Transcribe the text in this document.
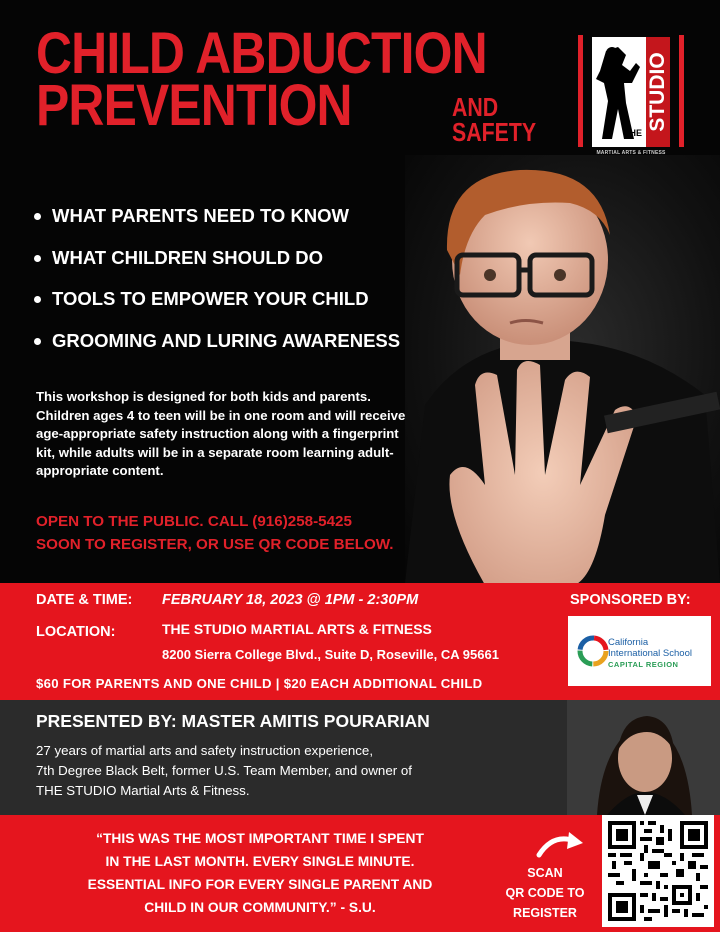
CHILD ABDUCTION
PREVENTION	AND
SAFETY
STUDIO
THE
MARTIAL ARTS & FITNESS
WHAT PARENTS NEED TO KNOW
WHAT CHILDREN SHOULD DO
TOOLS TO EMPOWER YOUR CHILD
GROOMING AND LURING AWARENESS

This workshop is designed for both kids and parents. Children ages 4 to teen will be in one room and will receive age-appropriate safety instruction along with a fingerprint kit, while adults will be in a separate room learning adult-appropriate content.

OPEN TO THE PUBLIC. CALL (916)258-5425
SOON TO REGISTER, OR USE QR CODE BELOW.
DATE & TIME: FEBRUARY 18, 2023 @ 1PM - 2:30PM
LOCATION:	THE STUDIO MARTIAL ARTS & FITNESS
8200 Sierra College Blvd., Suite D, Roseville, CA 95661
$60 FOR PARENTS AND ONE CHILD | $20 EACH ADDITIONAL CHILD
SPONSORED BY:
California
International School
CAPITAL REGION
PRESENTED BY: MASTER AMITIS POURARIAN
27 years of martial arts and safety instruction experience,
7th Degree Black Belt, former U.S. Team Member, and owner of
THE STUDIO Martial Arts & Fitness.
“THIS WAS THE MOST IMPORTANT TIME I SPENT
IN THE LAST MONTH. EVERY SINGLE MINUTE.
ESSENTIAL INFO FOR EVERY SINGLE PARENT AND
CHILD IN OUR COMMUNITY.” - S.U.
SCAN
QR CODE TO
REGISTER
